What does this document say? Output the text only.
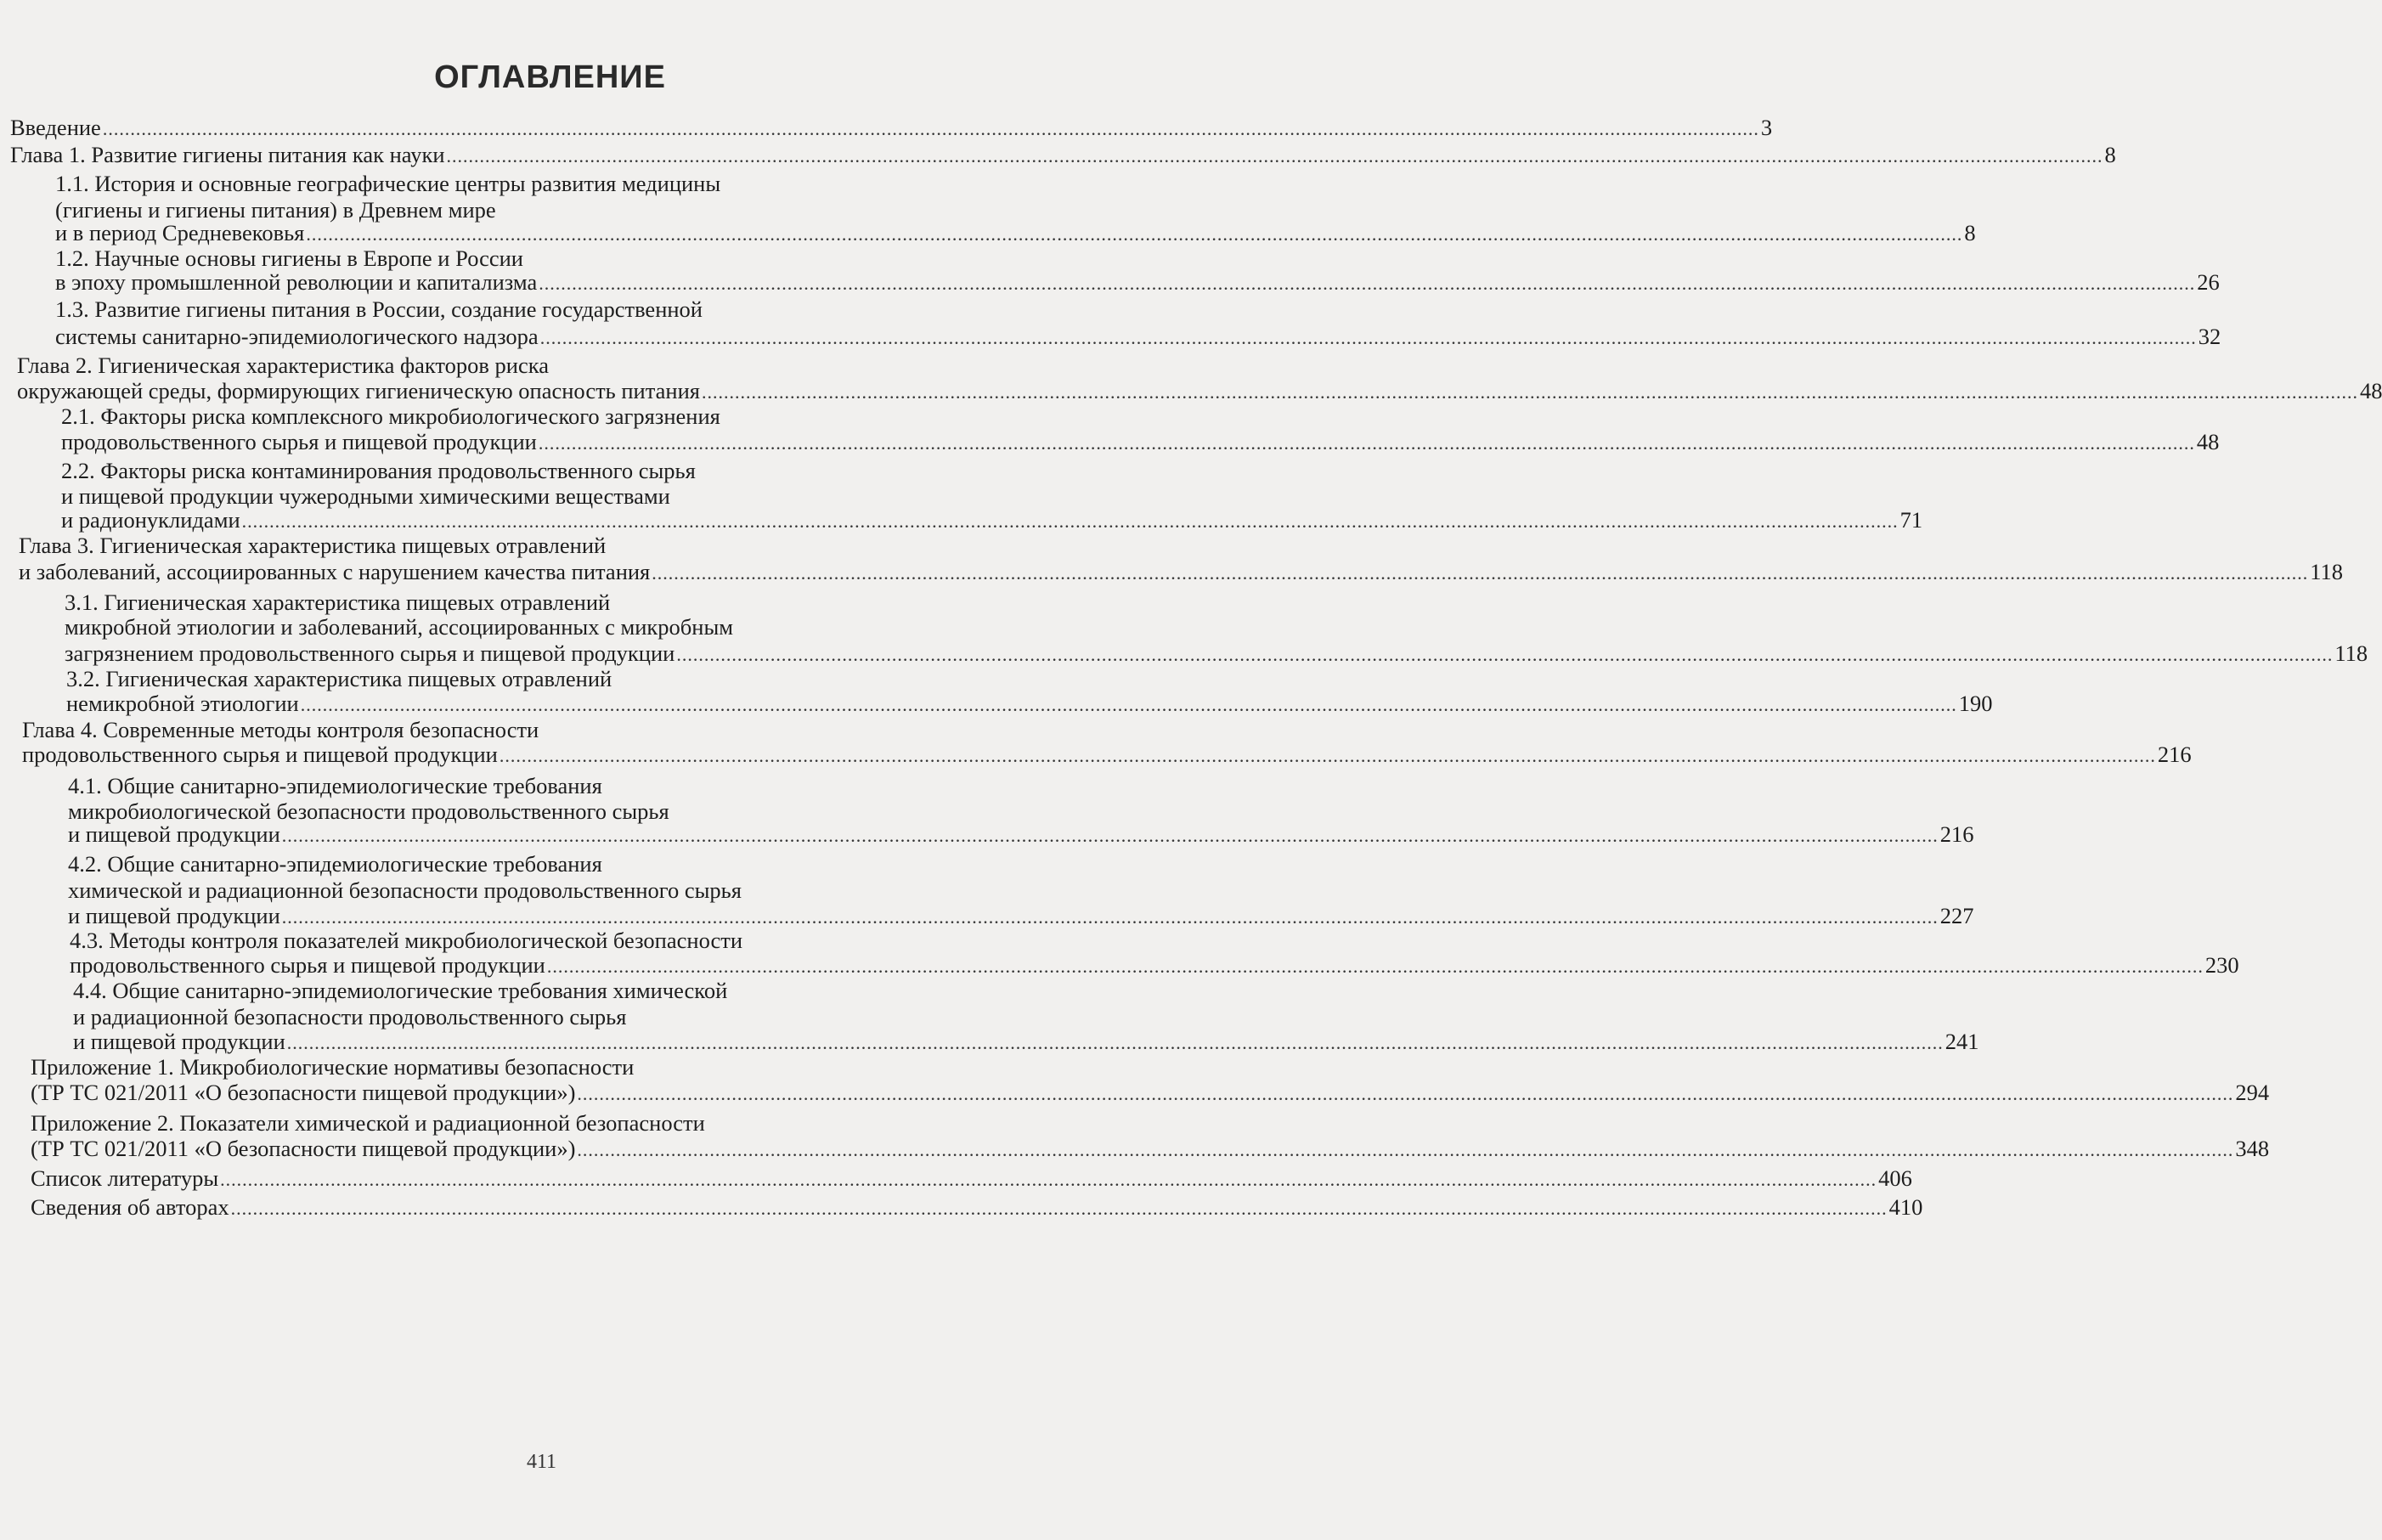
ОГЛАВЛЕНИЕ
Введение ............................................................................................................................................................................................................................................................................................................ 3
Глава 1. Развитие гигиены питания как науки ............................................................................................................................................................................................................................................................................................................ 8
1.1. История и основные географические центры развития медицины
(гигиены и гигиены питания) в Древнем мире
и в период Средневековья ............................................................................................................................................................................................................................................................................................................ 8
1.2. Научные основы гигиены в Европе и России
в эпоху промышленной революции и капитализма ............................................................................................................................................................................................................................................................................................................ 26
1.3. Развитие гигиены питания в России, создание государственной
системы санитарно-эпидемиологического надзора ............................................................................................................................................................................................................................................................................................................ 32
Глава 2. Гигиеническая характеристика факторов риска
окружающей среды, формирующих гигиеническую опасность питания ............................................................................................................................................................................................................................................................................................................ 48
2.1. Факторы риска комплексного микробиологического загрязнения
продовольственного сырья и пищевой продукции ............................................................................................................................................................................................................................................................................................................ 48
2.2. Факторы риска контаминирования продовольственного сырья
и пищевой продукции чужеродными химическими веществами
и радионуклидами ............................................................................................................................................................................................................................................................................................................ 71
Глава 3. Гигиеническая характеристика пищевых отравлений
и заболеваний, ассоциированных с нарушением качества питания ............................................................................................................................................................................................................................................................................................................ 118
3.1. Гигиеническая характеристика пищевых отравлений
микробной этиологии и заболеваний, ассоциированных с микробным
загрязнением продовольственного сырья и пищевой продукции ............................................................................................................................................................................................................................................................................................................ 118
3.2. Гигиеническая характеристика пищевых отравлений
немикробной этиологии ............................................................................................................................................................................................................................................................................................................ 190
Глава 4. Современные методы контроля безопасности
продовольственного сырья и пищевой продукции ............................................................................................................................................................................................................................................................................................................ 216
4.1. Общие санитарно-эпидемиологические требования
микробиологической безопасности продовольственного сырья
и пищевой продукции ............................................................................................................................................................................................................................................................................................................ 216
4.2. Общие санитарно-эпидемиологические требования
химической и радиационной безопасности продовольственного сырья
и пищевой продукции ............................................................................................................................................................................................................................................................................................................ 227
4.3. Методы контроля показателей микробиологической безопасности
продовольственного сырья и пищевой продукции ............................................................................................................................................................................................................................................................................................................ 230
4.4. Общие санитарно-эпидемиологические требования химической
и радиационной безопасности продовольственного сырья
и пищевой продукции ............................................................................................................................................................................................................................................................................................................ 241
Приложение 1. Микробиологические нормативы безопасности
(ТР ТС 021/2011 «О безопасности пищевой продукции») ............................................................................................................................................................................................................................................................................................................ 294
Приложение 2. Показатели химической и радиационной безопасности
(ТР ТС 021/2011 «О безопасности пищевой продукции») ............................................................................................................................................................................................................................................................................................................ 348
Список литературы ............................................................................................................................................................................................................................................................................................................ 406
Сведения об авторах ............................................................................................................................................................................................................................................................................................................ 410
411
